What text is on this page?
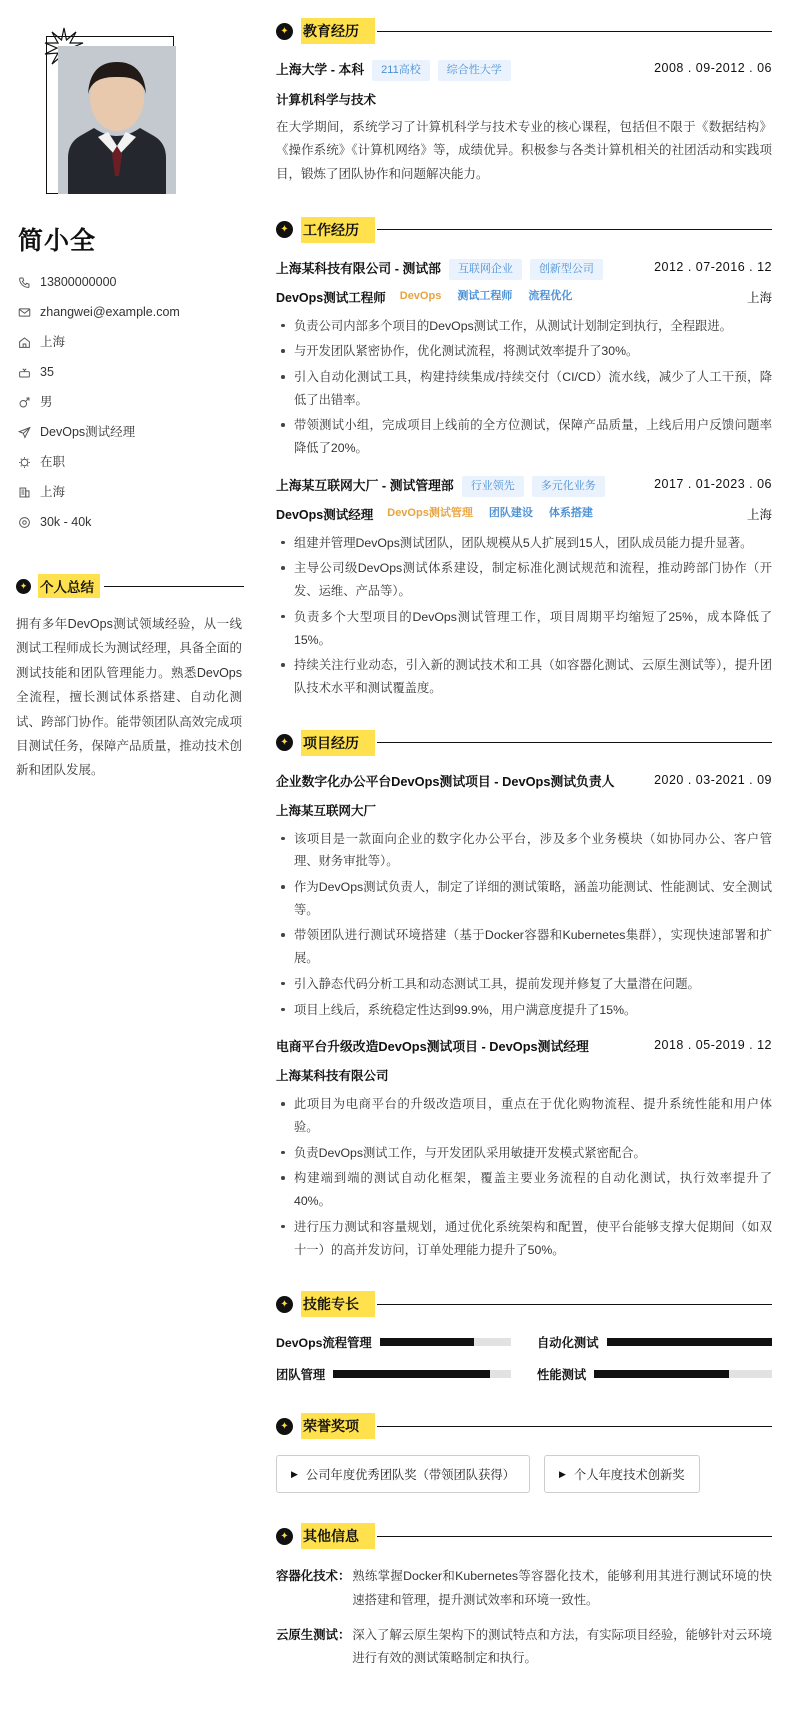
简小全
13800000000
zhangwei@example.com
上海
35
男
DevOps测试经理
在职
上海
30k - 40k
✦ 个人总结

拥有多年DevOps测试领域经验，从一线测试工程师成长为测试经理，具备全面的测试技能和团队管理能力。熟悉DevOps全流程，擅长测试体系搭建、自动化测试、跨部门协作。能带领团队高效完成项目测试任务，保障产品质量，推动技术创新和团队发展。

✦	教育经历
上海大学 - 本科	211高校	综合性大学	2008 . 09-2012 . 06
计算机科学与技术

在大学期间，系统学习了计算机科学与技术专业的核心课程，包括但不限于《数据结构》《操作系统》《计算机网络》等，成绩优异。积极参与各类计算机相关的社团活动和实践项目，锻炼了团队协作和问题解决能力。

✦	工作经历
上海某科技有限公司 - 测试部	互联网企业	创新型公司	2012 . 07-2016 . 12
DevOps测试工程师 DevOps 测试工程师 流程优化	上海
负责公司内部多个项目的DevOps测试工作，从测试计划制定到执行，全程跟进。
与开发团队紧密协作，优化测试流程，将测试效率提升了30%。
引入自动化测试工具，构建持续集成/持续交付（CI/CD）流水线，减少了人工干预，降低了出错率。
带领测试小组，完成项目上线前的全方位测试，保障产品质量，上线后用户反馈问题率降低了20%。
上海某互联网大厂 - 测试管理部	行业领先	多元化业务	2017 . 01-2023 . 06
DevOps测试经理 DevOps测试管理 团队建设 体系搭建	上海
组建并管理DevOps测试团队，团队规模从5人扩展到15人，团队成员能力提升显著。
主导公司级DevOps测试体系建设，制定标准化测试规范和流程，推动跨部门协作（开发、运维、产品等）。
负责多个大型项目的DevOps测试管理工作，项目周期平均缩短了25%，成本降低了15%。
持续关注行业动态，引入新的测试技术和工具（如容器化测试、云原生测试等），提升团队技术水平和测试覆盖度。
✦	项目经历
企业数字化办公平台DevOps测试项目 - DevOps测试负责人	2020 . 03-2021 . 09
上海某互联网大厂
该项目是一款面向企业的数字化办公平台，涉及多个业务模块（如协同办公、客户管理、财务审批等）。
作为DevOps测试负责人，制定了详细的测试策略，涵盖功能测试、性能测试、安全测试等。
带领团队进行测试环境搭建（基于Docker容器和Kubernetes集群），实现快速部署和扩展。
引入静态代码分析工具和动态测试工具，提前发现并修复了大量潜在问题。
项目上线后，系统稳定性达到99.9%，用户满意度提升了15%。
电商平台升级改造DevOps测试项目 - DevOps测试经理	2018 . 05-2019 . 12
上海某科技有限公司
此项目为电商平台的升级改造项目，重点在于优化购物流程、提升系统性能和用户体验。
负责DevOps测试工作，与开发团队采用敏捷开发模式紧密配合。
构建端到端的测试自动化框架，覆盖主要业务流程的自动化测试，执行效率提升了40%。
进行压力测试和容量规划，通过优化系统架构和配置，使平台能够支撑大促期间（如双十一）的高并发访问，订单处理能力提升了50%。
✦	技能专长
DevOps流程管理	自动化测试
团队管理	性能测试
✦	荣誉奖项
▶ 公司年度优秀团队奖（带领团队获得）	▶ 个人年度技术创新奖
✦	其他信息
容器化技术： 熟练掌握Docker和Kubernetes等容器化技术，能够利用其进行测试环境的快速搭建和管理，提升测试效率和环境一致性。
云原生测试： 深入了解云原生架构下的测试特点和方法，有实际项目经验，能够针对云环境进行有效的测试策略制定和执行。
